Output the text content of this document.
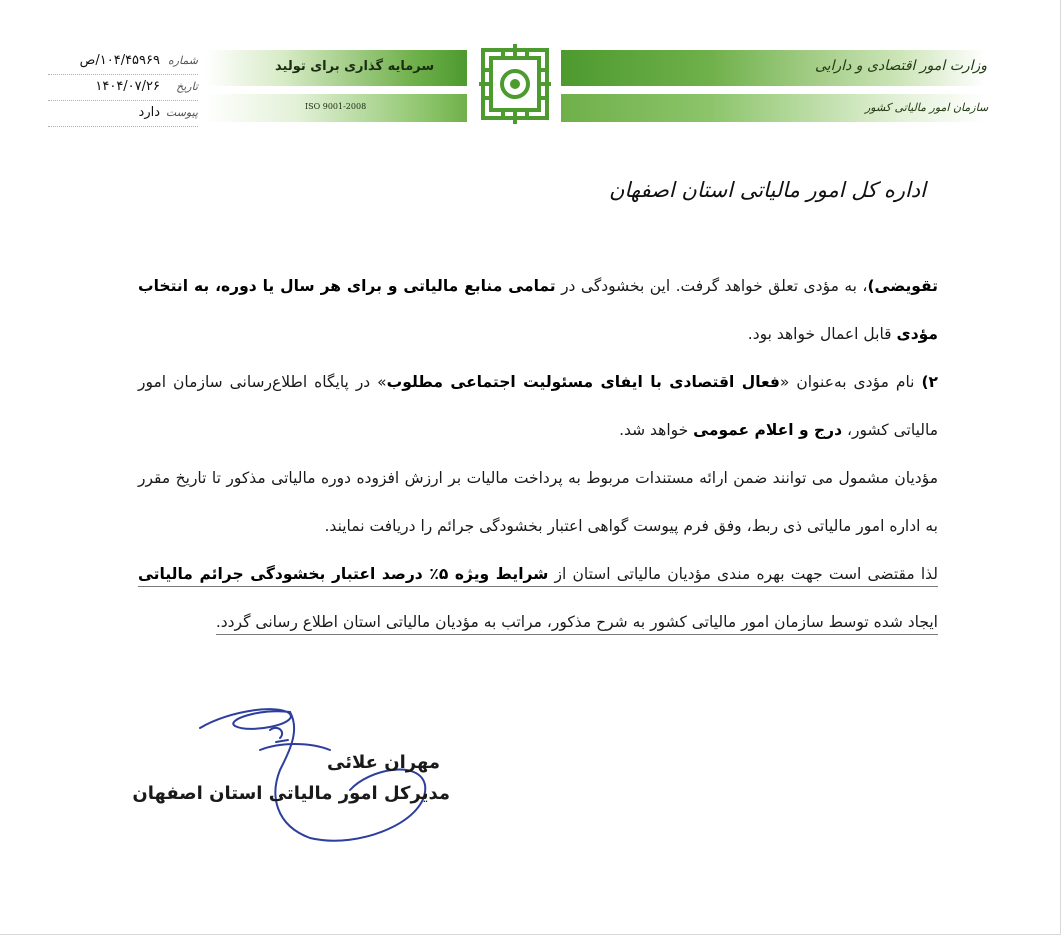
سرمایه گذاری برای تولید
ISO 9001-2008
وزارت امور اقتصادی و دارایی
سازمان امور مالیاتی کشور
شماره
۱۰۴/۴۵۹۶۹/ص
تاریخ
۱۴۰۴/۰۷/۲۶
پیوست
دارد
اداره کل امور مالیاتی استان اصفهان

تقویضی)، به مؤدی تعلق خواهد گرفت. این بخشودگی در تمامی منابع مالیاتی و برای هر سال یا دوره، به انتخاب مؤدی قابل اعمال خواهد بود.

۲) نام مؤدی به‌عنوان «فعال اقتصادی با ایفای مسئولیت اجتماعی مطلوب» در پایگاه اطلاع‌رسانی سازمان امور مالیاتی کشور، درج و اعلام عمومی خواهد شد.

مؤدیان مشمول می توانند ضمن ارائه مستندات مربوط به پرداخت مالیات بر ارزش افزوده دوره مالیاتی مذکور تا تاریخ مقرر به اداره امور مالیاتی ذی ربط، وفق فرم پیوست گواهی اعتبار بخشودگی جرائم را دریافت نمایند.

لذا مقتضی است جهت بهره مندی مؤدیان مالیاتی استان از شرایط ویژه ۵٪ درصد اعتبار بخشودگی جرائم مالیاتی ایجاد شده توسط سازمان امور مالیاتی کشور به شرح مذکور، مراتب به مؤدیان مالیاتی استان اطلاع رسانی گردد.

مهران علائی
مدیرکل امور مالیاتی استان اصفهان
